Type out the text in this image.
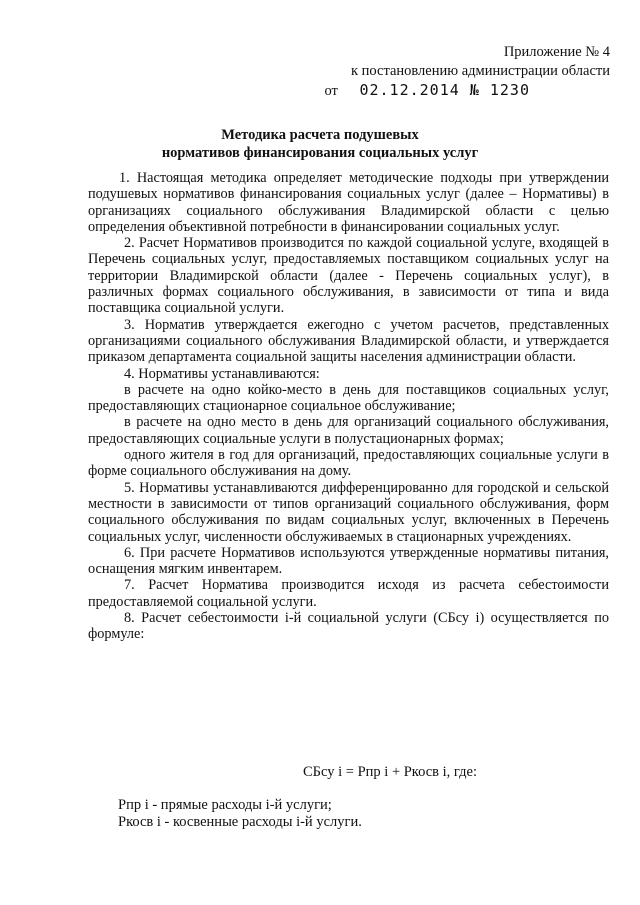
Приложение № 4
к постановлению администрации области
от 02.12.2014 № 1230
Методика расчета подушевых
нормативов финансирования социальных услуг

1. Настоящая методика определяет методические подходы при утверждении подушевых нормативов финансирования социальных услуг (далее – Нормативы) в организациях социального обслуживания Владимирской области с целью определения объективной потребности в финансировании социальных услуг.

2. Расчет Нормативов производится по каждой социальной услуге, входящей в Перечень социальных услуг, предоставляемых поставщиком социальных услуг на территории Владимирской области (далее - Перечень социальных услуг), в различных формах социального обслуживания, в зависимости от типа и вида поставщика социальной услуги.

3. Норматив утверждается ежегодно с учетом расчетов, представленных организациями социального обслуживания Владимирской области, и утверждается приказом департамента социальной защиты населения администрации области.

4. Нормативы устанавливаются:

в расчете на одно койко-место в день для поставщиков социальных услуг, предоставляющих стационарное социальное обслуживание;

в расчете на одно место в день для организаций социального обслуживания, предоставляющих социальные услуги в полустационарных формах;

одного жителя в год для организаций, предоставляющих социальные услуги в форме социального обслуживания на дому.

5. Нормативы устанавливаются дифференцированно для городской и сельской местности в зависимости от типов организаций социального обслуживания, форм социального обслуживания по видам социальных услуг, включенных в Перечень социальных услуг, численности обслуживаемых в стационарных учреждениях.

6. При расчете Нормативов используются утвержденные нормативы питания, оснащения мягким инвентарем.

7. Расчет Норматива производится исходя из расчета себестоимости предоставляемой социальной услуги.

8. Расчет себестоимости i-й социальной услуги (СБсу i) осуществляется по формуле:

СБсу i = Рпр i + Ркосв i, где:
Рпр i - прямые расходы i-й услуги;
Ркосв i - косвенные расходы i-й услуги.
